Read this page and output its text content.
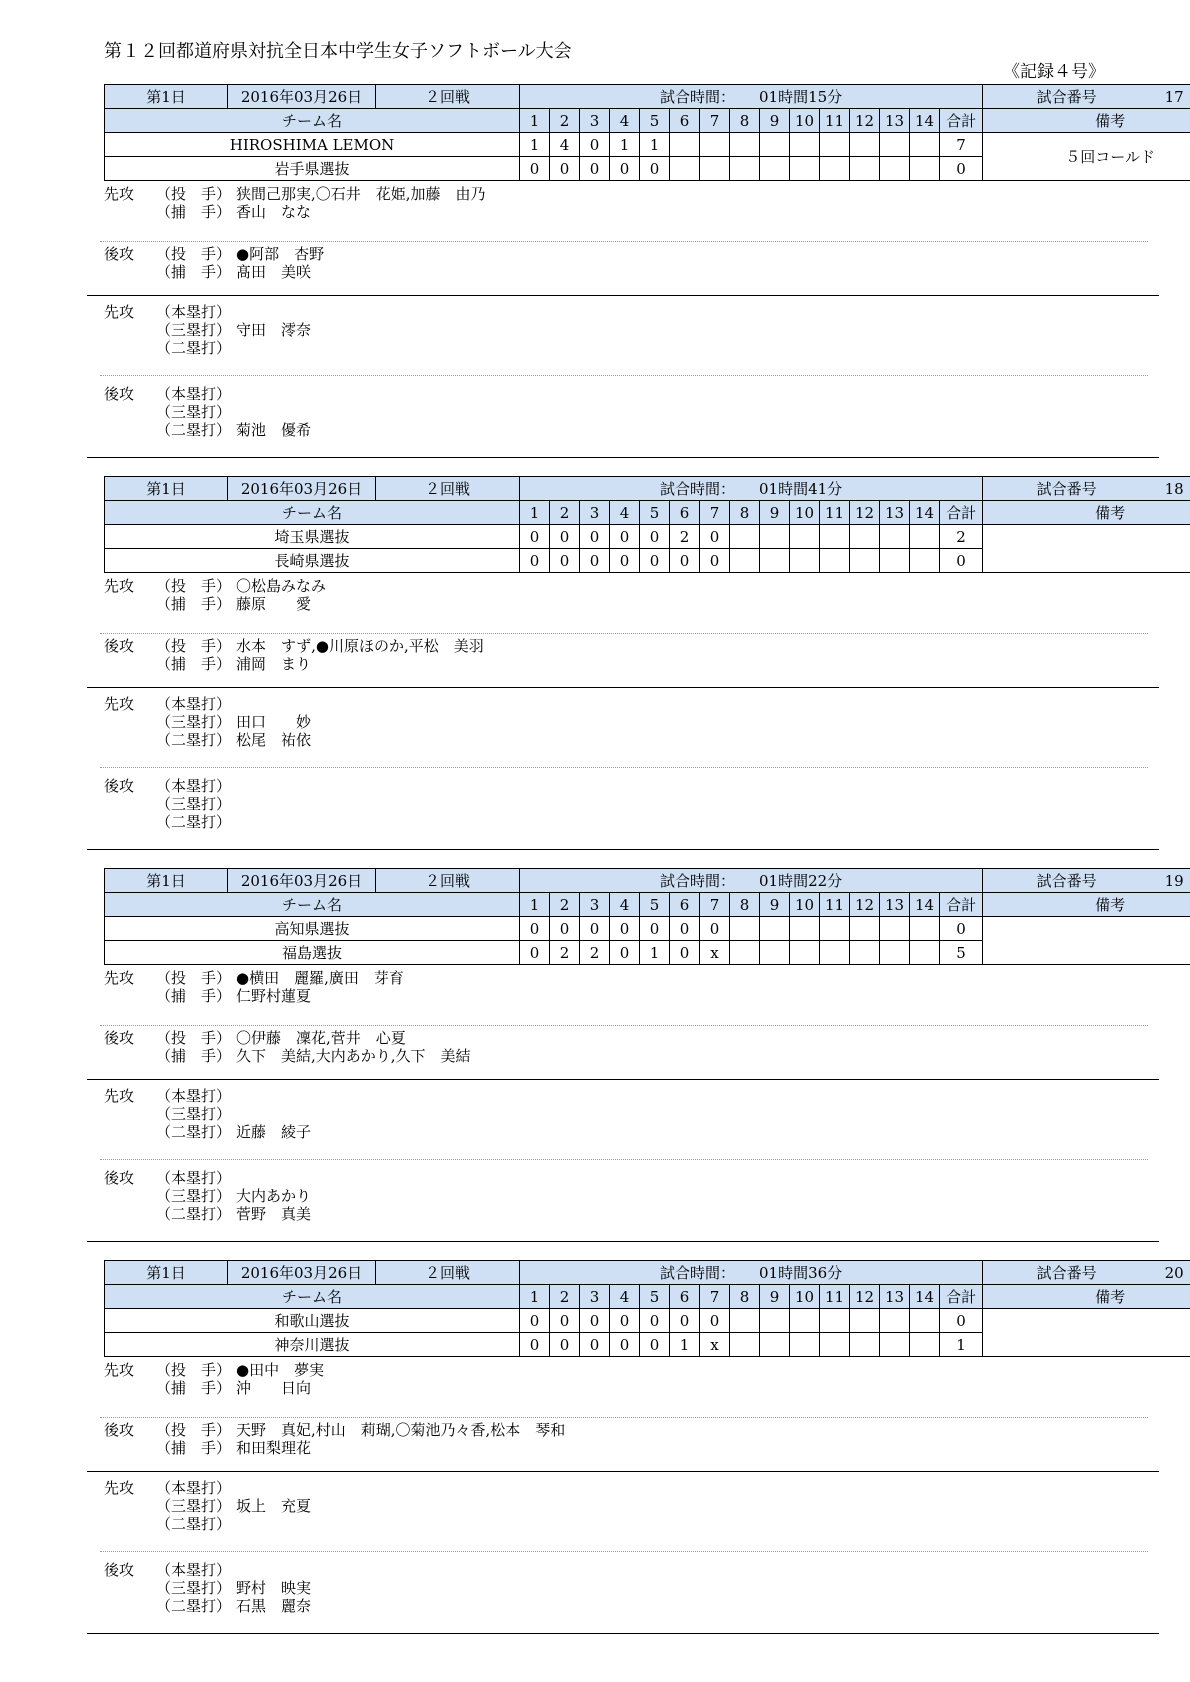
第１２回都道府県対抗全日本中学生女子ソフトボール大会
《記録４号》
第1日	2016年03月26日	２回戦	試合時間： 01時間15分															試合番号 17
チーム名			1	2	3	4	5	6	7	8	9	10	11	12	13	14	合計	備考
HIROSHIMA LEMON			1	4	0	1	1										7	５回コールド
岩手県選抜			0	0	0	0	0										0	
先攻 （投　手） 狭間己那実,〇石井　花姫,加藤　由乃
（捕　手） 香山　なな
後攻 （投　手） ●阿部　杏野
（捕　手） 髙田　美咲
先攻 （本塁打）
（三塁打） 守田　澪奈
（二塁打）
後攻 （本塁打）
（三塁打）
（二塁打） 菊池　優希
第1日	2016年03月26日	２回戦	試合時間： 01時間41分															試合番号 18
チーム名			1	2	3	4	5	6	7	8	9	10	11	12	13	14	合計	備考
埼玉県選抜			0	0	0	0	0	2	0								2	
長崎県選抜			0	0	0	0	0	0	0								0	
先攻 （投　手） 〇松島みなみ
（捕　手） 藤原　　愛
後攻 （投　手） 水本　すず,●川原ほのか,平松　美羽
（捕　手） 浦岡　まり
先攻 （本塁打）
（三塁打） 田口　　妙
（二塁打） 松尾　祐依
後攻 （本塁打）
（三塁打）
（二塁打）
第1日	2016年03月26日	２回戦	試合時間： 01時間22分															試合番号 19
チーム名			1	2	3	4	5	6	7	8	9	10	11	12	13	14	合計	備考
高知県選抜			0	0	0	0	0	0	0								0	
福島選抜			0	2	2	0	1	0	x								5	
先攻 （投　手） ●横田　麗羅,廣田　芽育
（捕　手） 仁野村蓮夏
後攻 （投　手） 〇伊藤　凜花,菅井　心夏
（捕　手） 久下　美結,大内あかり,久下　美結
先攻 （本塁打）
（三塁打）
（二塁打） 近藤　綾子
後攻 （本塁打）
（三塁打） 大内あかり
（二塁打） 菅野　真美
第1日	2016年03月26日	２回戦	試合時間： 01時間36分															試合番号 20
チーム名			1	2	3	4	5	6	7	8	9	10	11	12	13	14	合計	備考
和歌山選抜			0	0	0	0	0	0	0								0	
神奈川選抜			0	0	0	0	0	1	x								1	
先攻 （投　手） ●田中　夢実
（捕　手） 沖　　日向
後攻 （投　手） 天野　真妃,村山　莉瑚,〇菊池乃々香,松本　琴和
（捕　手） 和田梨理花
先攻 （本塁打）
（三塁打） 坂上　充夏
（二塁打）
後攻 （本塁打）
（三塁打） 野村　映実
（二塁打） 石黒　麗奈
